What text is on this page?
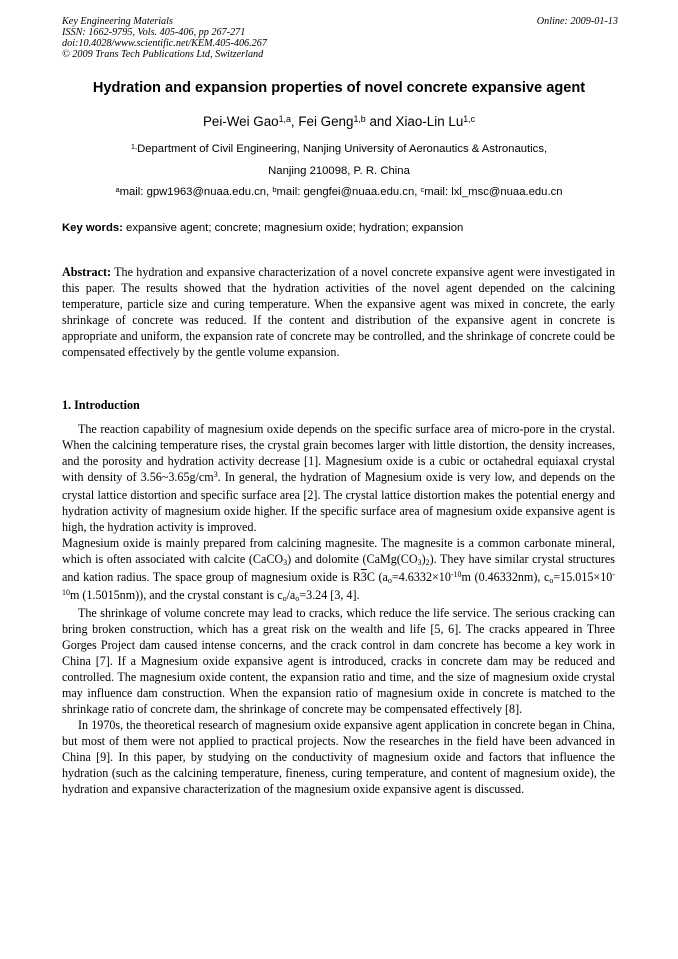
Key Engineering Materials
ISSN: 1662-9795, Vols. 405-406, pp 267-271
doi:10.4028/www.scientific.net/KEM.405-406.267
© 2009 Trans Tech Publications Ltd, Switzerland
Online: 2009-01-13
Hydration and expansion properties of novel concrete expansive agent
Pei-Wei Gao$^{1,a}$, Fei Geng$^{1,b}$ and Xiao-Lin Lu$^{1,c}$
$^{1,}$Department of Civil Engineering, Nanjing University of Aeronautics & Astronautics,
Nanjing 210098, P. R. China
$^a$mail: gpw1963@nuaa.edu.cn, $^b$mail: gengfei@nuaa.edu.cn, $^c$mail: lxl_msc@nuaa.edu.cn
Key words: expansive agent; concrete; magnesium oxide; hydration; expansion

Abstract: The hydration and expansive characterization of a novel concrete expansive agent were investigated in this paper. The results showed that the hydration activities of the novel agent depended on the calcining temperature, particle size and curing temperature. When the expansive agent was mixed in concrete, the early shrinkage of concrete was reduced. If the content and distribution of the expansive agent in concrete is appropriate and uniform, the expansion rate of concrete may be controlled, and the shrinkage of concrete could be compensated effectively by the gentle volume expansion.

1. Introduction

The reaction capability of magnesium oxide depends on the specific surface area of micro-pore in the crystal. When the calcining temperature rises, the crystal grain becomes larger with little distortion, the density increases, and the porosity and hydration activity decrease [1]. Magnesium oxide is a cubic or octahedral equiaxal crystal with density of $3.56\sim 3.65g/cm^3$. In general, the hydration of Magnesium oxide is very low, and depends on the crystal lattice distortion and specific surface area [2]. The crystal lattice distortion makes the potential energy and hydration activity of magnesium oxide higher. If the specific surface area of magnesium oxide expansive agent is high, the hydration activity is improved.

Magnesium oxide is mainly prepared from calcining magnesite. The magnesite is a common carbonate mineral, which is often associated with calcite (CaCO$_3$) and dolomite $(CaMg(CO_3)_2)$. They have similar crystal structures and kation radius. The space group of magnesium oxide is R3C ($a_o=4.6332\times 10^{-10}m$ (0.46332nm), $c_o=15.015\times 10^{-10}m$ (1.5015nm)), and the crystal constant is $c_o/a_o=3.24$ [3, 4].

The shrinkage of volume concrete may lead to cracks, which reduce the life service. The serious cracking can bring broken construction, which has a great risk on the wealth and life [5, 6]. The cracks appeared in Three Gorges Project dam caused intense concerns, and the crack control in dam concrete has become a key work in China [7]. If a Magnesium oxide expansive agent is introduced, cracks in concrete dam may be reduced and controlled. The magnesium oxide content, the expansion ratio and time, and the size of magnesium oxide crystal may influence dam construction. When the expansion ratio of magnesium oxide in concrete is matched to the shrinkage ratio of concrete dam, the shrinkage of concrete may be compensated effectively [8].

In 1970s, the theoretical research of magnesium oxide expansive agent application in concrete began in China, but most of them were not applied to practical projects. Now the researches in the field have been advanced in China [9]. In this paper, by studying on the conductivity of magnesium oxide and factors that influence the hydration (such as the calcining temperature, fineness, curing temperature, and content of magnesium oxide), the hydration and expansive characterization of the magnesium oxide expansive agent is discussed.
